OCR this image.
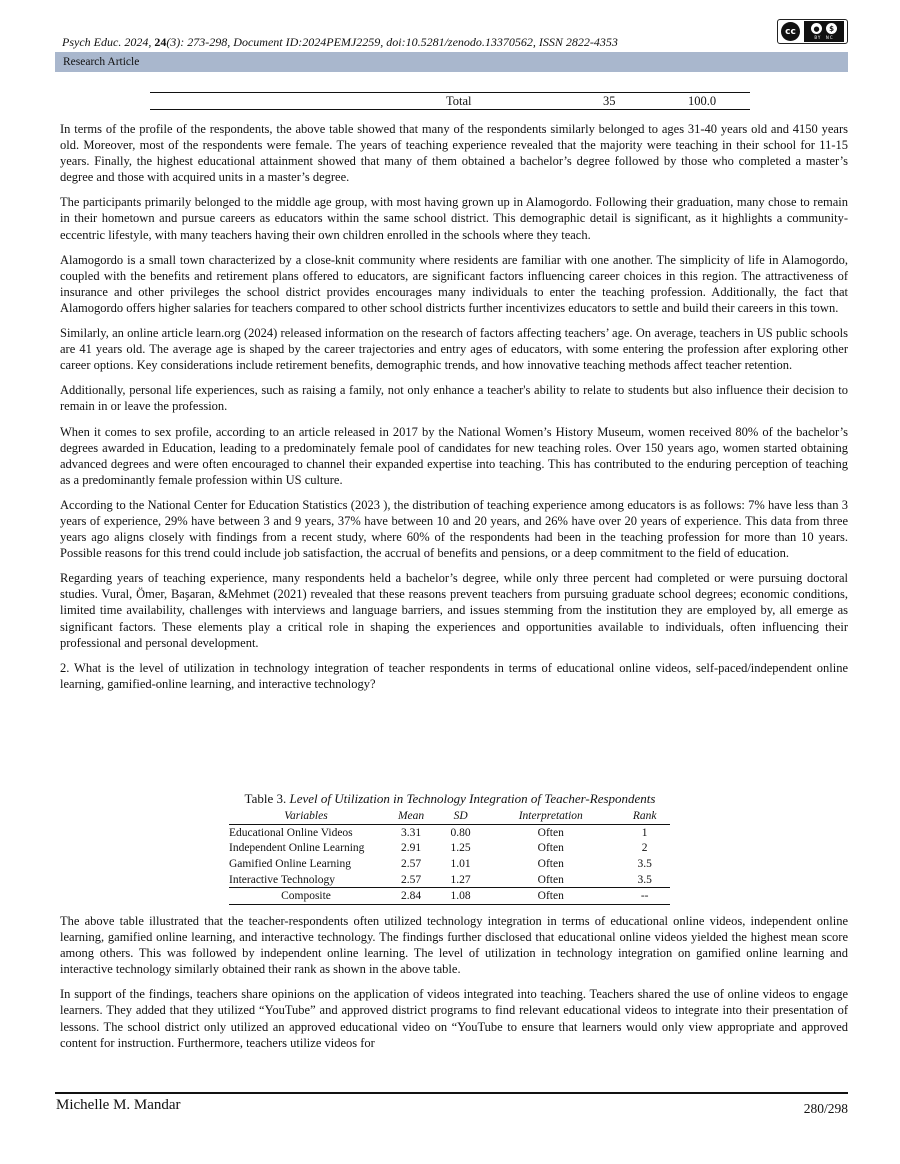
Psych Educ. 2024, 24(3): 273-298, Document ID:2024PEMJ2259, doi:10.5281/zenodo.13370562, ISSN 2822-4353
cc	●	$
BY  NC
Research Article
Total	35	100.0

In terms of the profile of the respondents, the above table showed that many of the respondents similarly belonged to ages 31-40 years old and 4150 years old. Moreover, most of the respondents were female. The years of teaching experience revealed that the majority were teaching in their school for 11-15 years. Finally, the highest educational attainment showed that many of them obtained a bachelor’s degree followed by those who completed a master’s degree and those with acquired units in a master’s degree.

The participants primarily belonged to the middle age group, with most having grown up in Alamogordo. Following their graduation, many chose to remain in their hometown and pursue careers as educators within the same school district. This demographic detail is significant, as it highlights a community-eccentric lifestyle, with many teachers having their own children enrolled in the schools where they teach.

Alamogordo is a small town characterized by a close-knit community where residents are familiar with one another. The simplicity of life in Alamogordo, coupled with the benefits and retirement plans offered to educators, are significant factors influencing career choices in this region. The attractiveness of insurance and other privileges the school district provides encourages many individuals to enter the teaching profession. Additionally, the fact that Alamogordo offers higher salaries for teachers compared to other school districts further incentivizes educators to settle and build their careers in this town.

Similarly, an online article learn.org (2024) released information on the research of factors affecting teachers’ age. On average, teachers in US public schools are 41 years old. The average age is shaped by the career trajectories and entry ages of educators, with some entering the profession after exploring other career options. Key considerations include retirement benefits, demographic trends, and how innovative teaching methods affect teacher retention.

Additionally, personal life experiences, such as raising a family, not only enhance a teacher's ability to relate to students but also influence their decision to remain in or leave the profession.

When it comes to sex profile, according to an article released in 2017 by the National Women’s History Museum, women received 80% of the bachelor’s degrees awarded in Education, leading to a predominately female pool of candidates for new teaching roles. Over 150 years ago, women started obtaining advanced degrees and were often encouraged to channel their expanded expertise into teaching. This has contributed to the enduring perception of teaching as a predominantly female profession within US culture.

According to the National Center for Education Statistics (2023 ), the distribution of teaching experience among educators is as follows: 7% have less than 3 years of experience, 29% have between 3 and 9 years, 37% have between 10 and 20 years, and 26% have over 20 years of experience. This data from three years ago aligns closely with findings from a recent study, where 60% of the respondents had been in the teaching profession for more than 10 years. Possible reasons for this trend could include job satisfaction, the accrual of benefits and pensions, or a deep commitment to the field of education.

Regarding years of teaching experience, many respondents held a bachelor’s degree, while only three percent had completed or were pursuing doctoral studies. Vural, Ömer, Başaran, &Mehmet (2021) revealed that these reasons prevent teachers from pursuing graduate school degrees; economic conditions, limited time availability, challenges with interviews and language barriers, and issues stemming from the institution they are employed by, all emerge as significant factors. These elements play a critical role in shaping the experiences and opportunities available to individuals, often influencing their professional and personal development.

2. What is the level of utilization in technology integration of teacher respondents in terms of educational online videos, self-paced/independent online learning, gamified-online learning, and interactive technology?

Table 3. Level of Utilization in Technology Integration of Teacher-Respondents
Variables	Mean	SD	Interpretation	Rank
Educational Online Videos	3.31	0.80	Often	1
Independent Online Learning	2.91	1.25	Often	2
Gamified Online Learning	2.57	1.01	Often	3.5
Interactive Technology	2.57	1.27	Often	3.5
Composite	2.84	1.08	Often	--

The above table illustrated that the teacher-respondents often utilized technology integration in terms of educational online videos, independent online learning, gamified online learning, and interactive technology. The findings further disclosed that educational online videos yielded the highest mean score among others. This was followed by independent online learning. The level of utilization in technology integration on gamified online learning and interactive technology similarly obtained their rank as shown in the above table.

In support of the findings, teachers share opinions on the application of videos integrated into teaching. Teachers shared the use of online videos to engage learners. They added that they utilized “YouTube” and approved district programs to find relevant educational videos to integrate into their presentation of lessons. The school district only utilized an approved educational video on “YouTube to ensure that learners would only view appropriate and approved content for instruction. Furthermore, teachers utilize videos for

Michelle M. Mandar	280/298
